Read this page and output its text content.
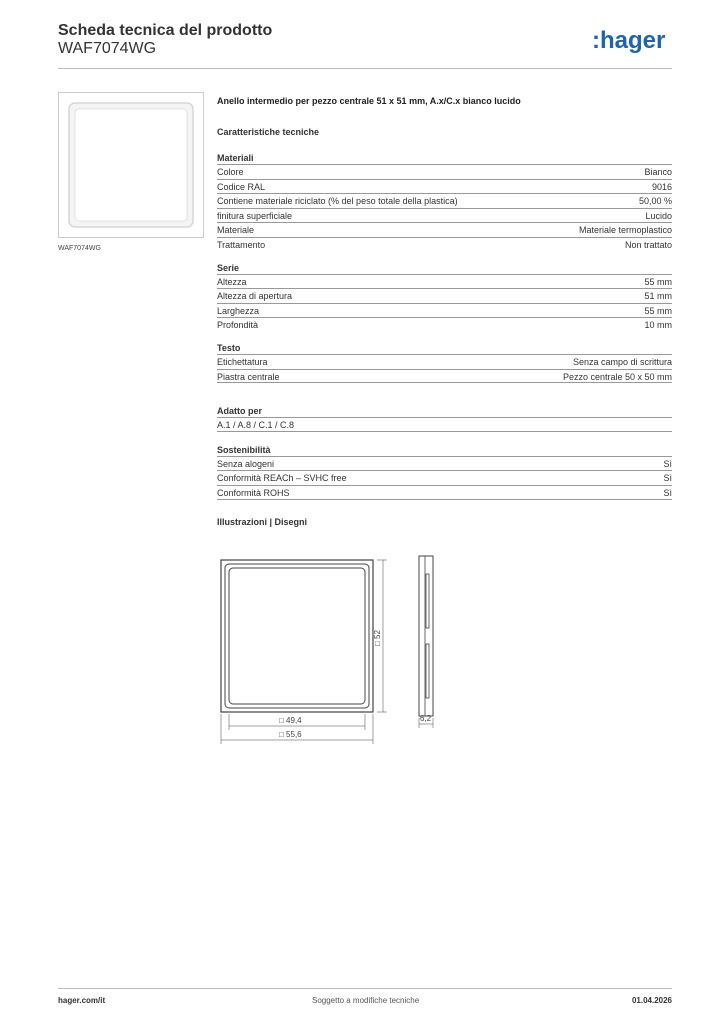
Scheda tecnica del prodotto
WAF7074WG	:hager
WAF7074WG
Anello intermedio per pezzo centrale 51 x 51 mm, A.x/C.x bianco lucido
Caratteristiche tecniche
Materiali
Colore	Bianco
Codice RAL	9016
Contiene materiale riciclato (% del peso totale della plastica)	50,00 %
finitura superficiale	Lucido
Materiale	Materiale termoplastico
Trattamento	Non trattato
Serie
Altezza	55 mm
Altezza di apertura	51 mm
Larghezza	55 mm
Profondità	10 mm
Testo
Etichettatura	Senza campo di scrittura
Piastra centrale	Pezzo centrale 50 x 50 mm
Adatto per
A.1 / A.8 / C.1 / C.8
Sostenibilità
Senza alogeni	Sì
Conformità REACh – SVHC free	Sì
Conformità ROHS	Sì
Illustrazioni | Disegni
□ 52
□ 49,4
□ 55,6
6,2
hager.com/it	Soggetto a modifiche tecniche	01.04.2026
